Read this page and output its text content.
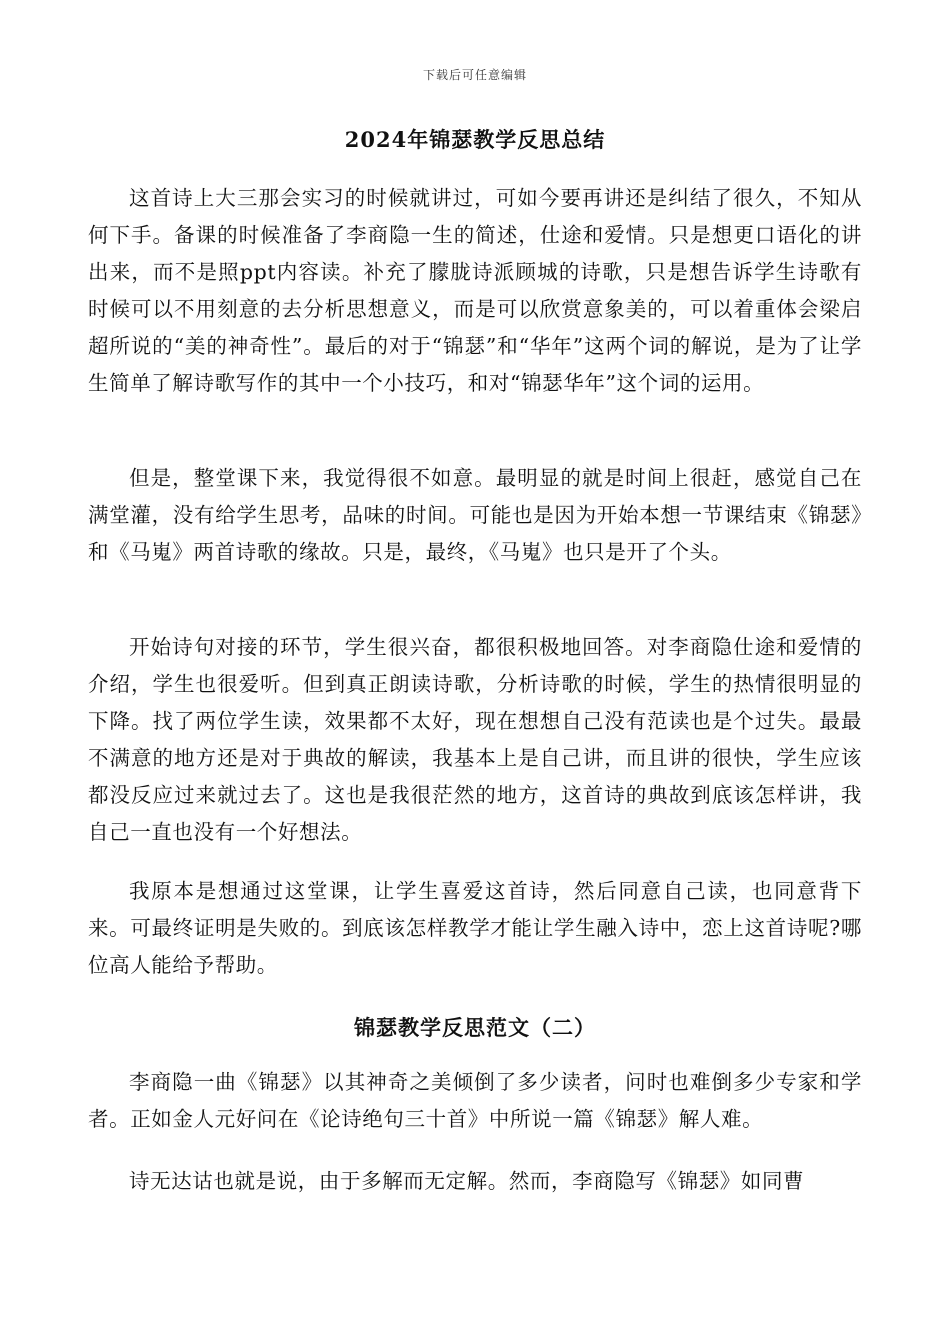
下载后可任意编辑
2024年锦瑟教学反思总结

这首诗上大三那会实习的时候就讲过，可如今要再讲还是纠结了很久，不知从何下手。备课的时候准备了李商隐一生的简述，仕途和爱情。只是想更口语化的讲出来，而不是照ppt内容读。补充了朦胧诗派顾城的诗歌，只是想告诉学生诗歌有时候可以不用刻意的去分析思想意义，而是可以欣赏意象美的，可以着重体会梁启超所说的“美的神奇性”。最后的对于“锦瑟”和“华年”这两个词的解说，是为了让学生简单了解诗歌写作的其中一个小技巧，和对“锦瑟华年”这个词的运用。

但是，整堂课下来，我觉得很不如意。最明显的就是时间上很赶，感觉自己在满堂灌，没有给学生思考，品味的时间。可能也是因为开始本想一节课结束《锦瑟》和《马嵬》两首诗歌的缘故。只是，最终，《马嵬》也只是开了个头。

开始诗句对接的环节，学生很兴奋，都很积极地回答。对李商隐仕途和爱情的介绍，学生也很爱听。但到真正朗读诗歌，分析诗歌的时候，学生的热情很明显的下降。找了两位学生读，效果都不太好，现在想想自己没有范读也是个过失。最最不满意的地方还是对于典故的解读，我基本上是自己讲，而且讲的很快，学生应该都没反应过来就过去了。这也是我很茫然的地方，这首诗的典故到底该怎样讲，我自己一直也没有一个好想法。

我原本是想通过这堂课，让学生喜爱这首诗，然后同意自己读，也同意背下来。可最终证明是失败的。到底该怎样教学才能让学生融入诗中，恋上这首诗呢?哪位高人能给予帮助。

锦瑟教学反思范文（二）

李商隐一曲《锦瑟》以其神奇之美倾倒了多少读者，问时也难倒多少专家和学者。正如金人元好问在《论诗绝句三十首》中所说一篇《锦瑟》解人难。

诗无达诂也就是说，由于多解而无定解。然而，李商隐写《锦瑟》如同曹
